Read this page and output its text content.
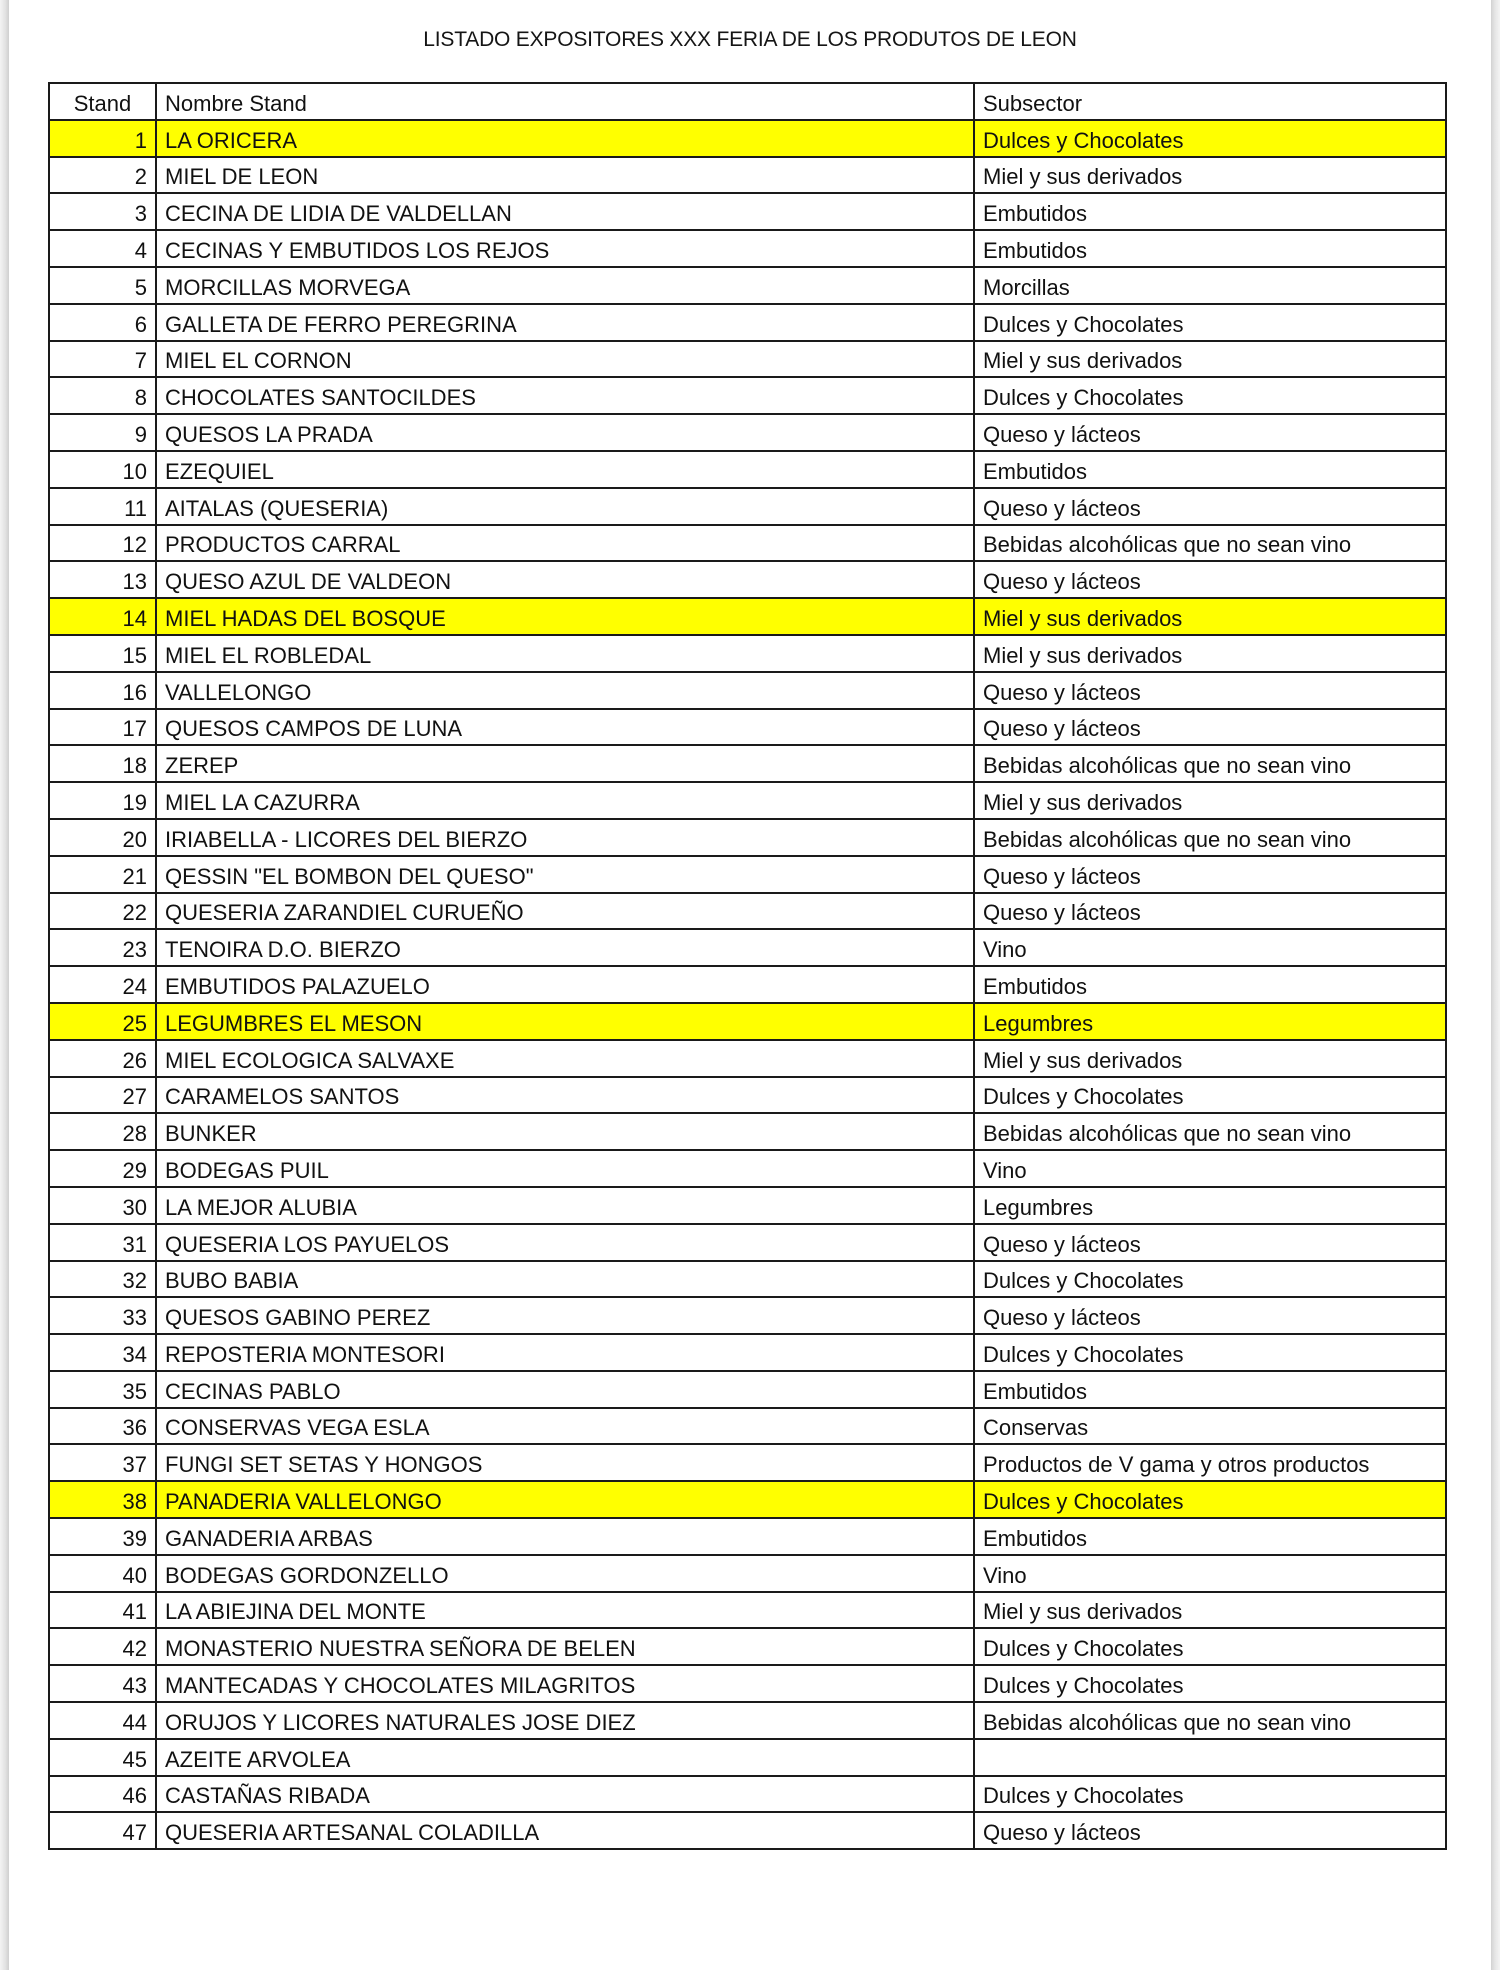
LISTADO EXPOSITORES XXX FERIA DE LOS PRODUTOS DE LEON
Stand	Nombre Stand	Subsector
1	LA ORICERA	Dulces y Chocolates
2	MIEL DE LEON	Miel y sus derivados
3	CECINA DE LIDIA DE VALDELLAN	Embutidos
4	CECINAS Y EMBUTIDOS LOS REJOS	Embutidos
5	MORCILLAS MORVEGA	Morcillas
6	GALLETA DE FERRO PEREGRINA	Dulces y Chocolates
7	MIEL EL CORNON	Miel y sus derivados
8	CHOCOLATES SANTOCILDES	Dulces y Chocolates
9	QUESOS LA PRADA	Queso y lácteos
10	EZEQUIEL	Embutidos
11	AITALAS (QUESERIA)	Queso y lácteos
12	PRODUCTOS CARRAL	Bebidas alcohólicas que no sean vino
13	QUESO AZUL DE VALDEON	Queso y lácteos
14	MIEL HADAS DEL BOSQUE	Miel y sus derivados
15	MIEL EL ROBLEDAL	Miel y sus derivados
16	VALLELONGO	Queso y lácteos
17	QUESOS CAMPOS DE LUNA	Queso y lácteos
18	ZEREP	Bebidas alcohólicas que no sean vino
19	MIEL LA CAZURRA	Miel y sus derivados
20	IRIABELLA - LICORES DEL BIERZO	Bebidas alcohólicas que no sean vino
21	QESSIN "EL BOMBON DEL QUESO"	Queso y lácteos
22	QUESERIA ZARANDIEL CURUEÑO	Queso y lácteos
23	TENOIRA D.O. BIERZO	Vino
24	EMBUTIDOS PALAZUELO	Embutidos
25	LEGUMBRES EL MESON	Legumbres
26	MIEL ECOLOGICA SALVAXE	Miel y sus derivados
27	CARAMELOS SANTOS	Dulces y Chocolates
28	BUNKER	Bebidas alcohólicas que no sean vino
29	BODEGAS PUIL	Vino
30	LA MEJOR ALUBIA	Legumbres
31	QUESERIA LOS PAYUELOS	Queso y lácteos
32	BUBO BABIA	Dulces y Chocolates
33	QUESOS GABINO PEREZ	Queso y lácteos
34	REPOSTERIA MONTESORI	Dulces y Chocolates
35	CECINAS PABLO	Embutidos
36	CONSERVAS VEGA ESLA	Conservas
37	FUNGI SET SETAS Y HONGOS	Productos de V gama y otros productos
38	PANADERIA VALLELONGO	Dulces y Chocolates
39	GANADERIA ARBAS	Embutidos
40	BODEGAS GORDONZELLO	Vino
41	LA ABIEJINA DEL MONTE	Miel y sus derivados
42	MONASTERIO NUESTRA SEÑORA DE BELEN	Dulces y Chocolates
43	MANTECADAS Y CHOCOLATES MILAGRITOS	Dulces y Chocolates
44	ORUJOS Y LICORES NATURALES JOSE DIEZ	Bebidas alcohólicas que no sean vino
45	AZEITE ARVOLEA	
46	CASTAÑAS RIBADA	Dulces y Chocolates
47	QUESERIA ARTESANAL COLADILLA	Queso y lácteos
